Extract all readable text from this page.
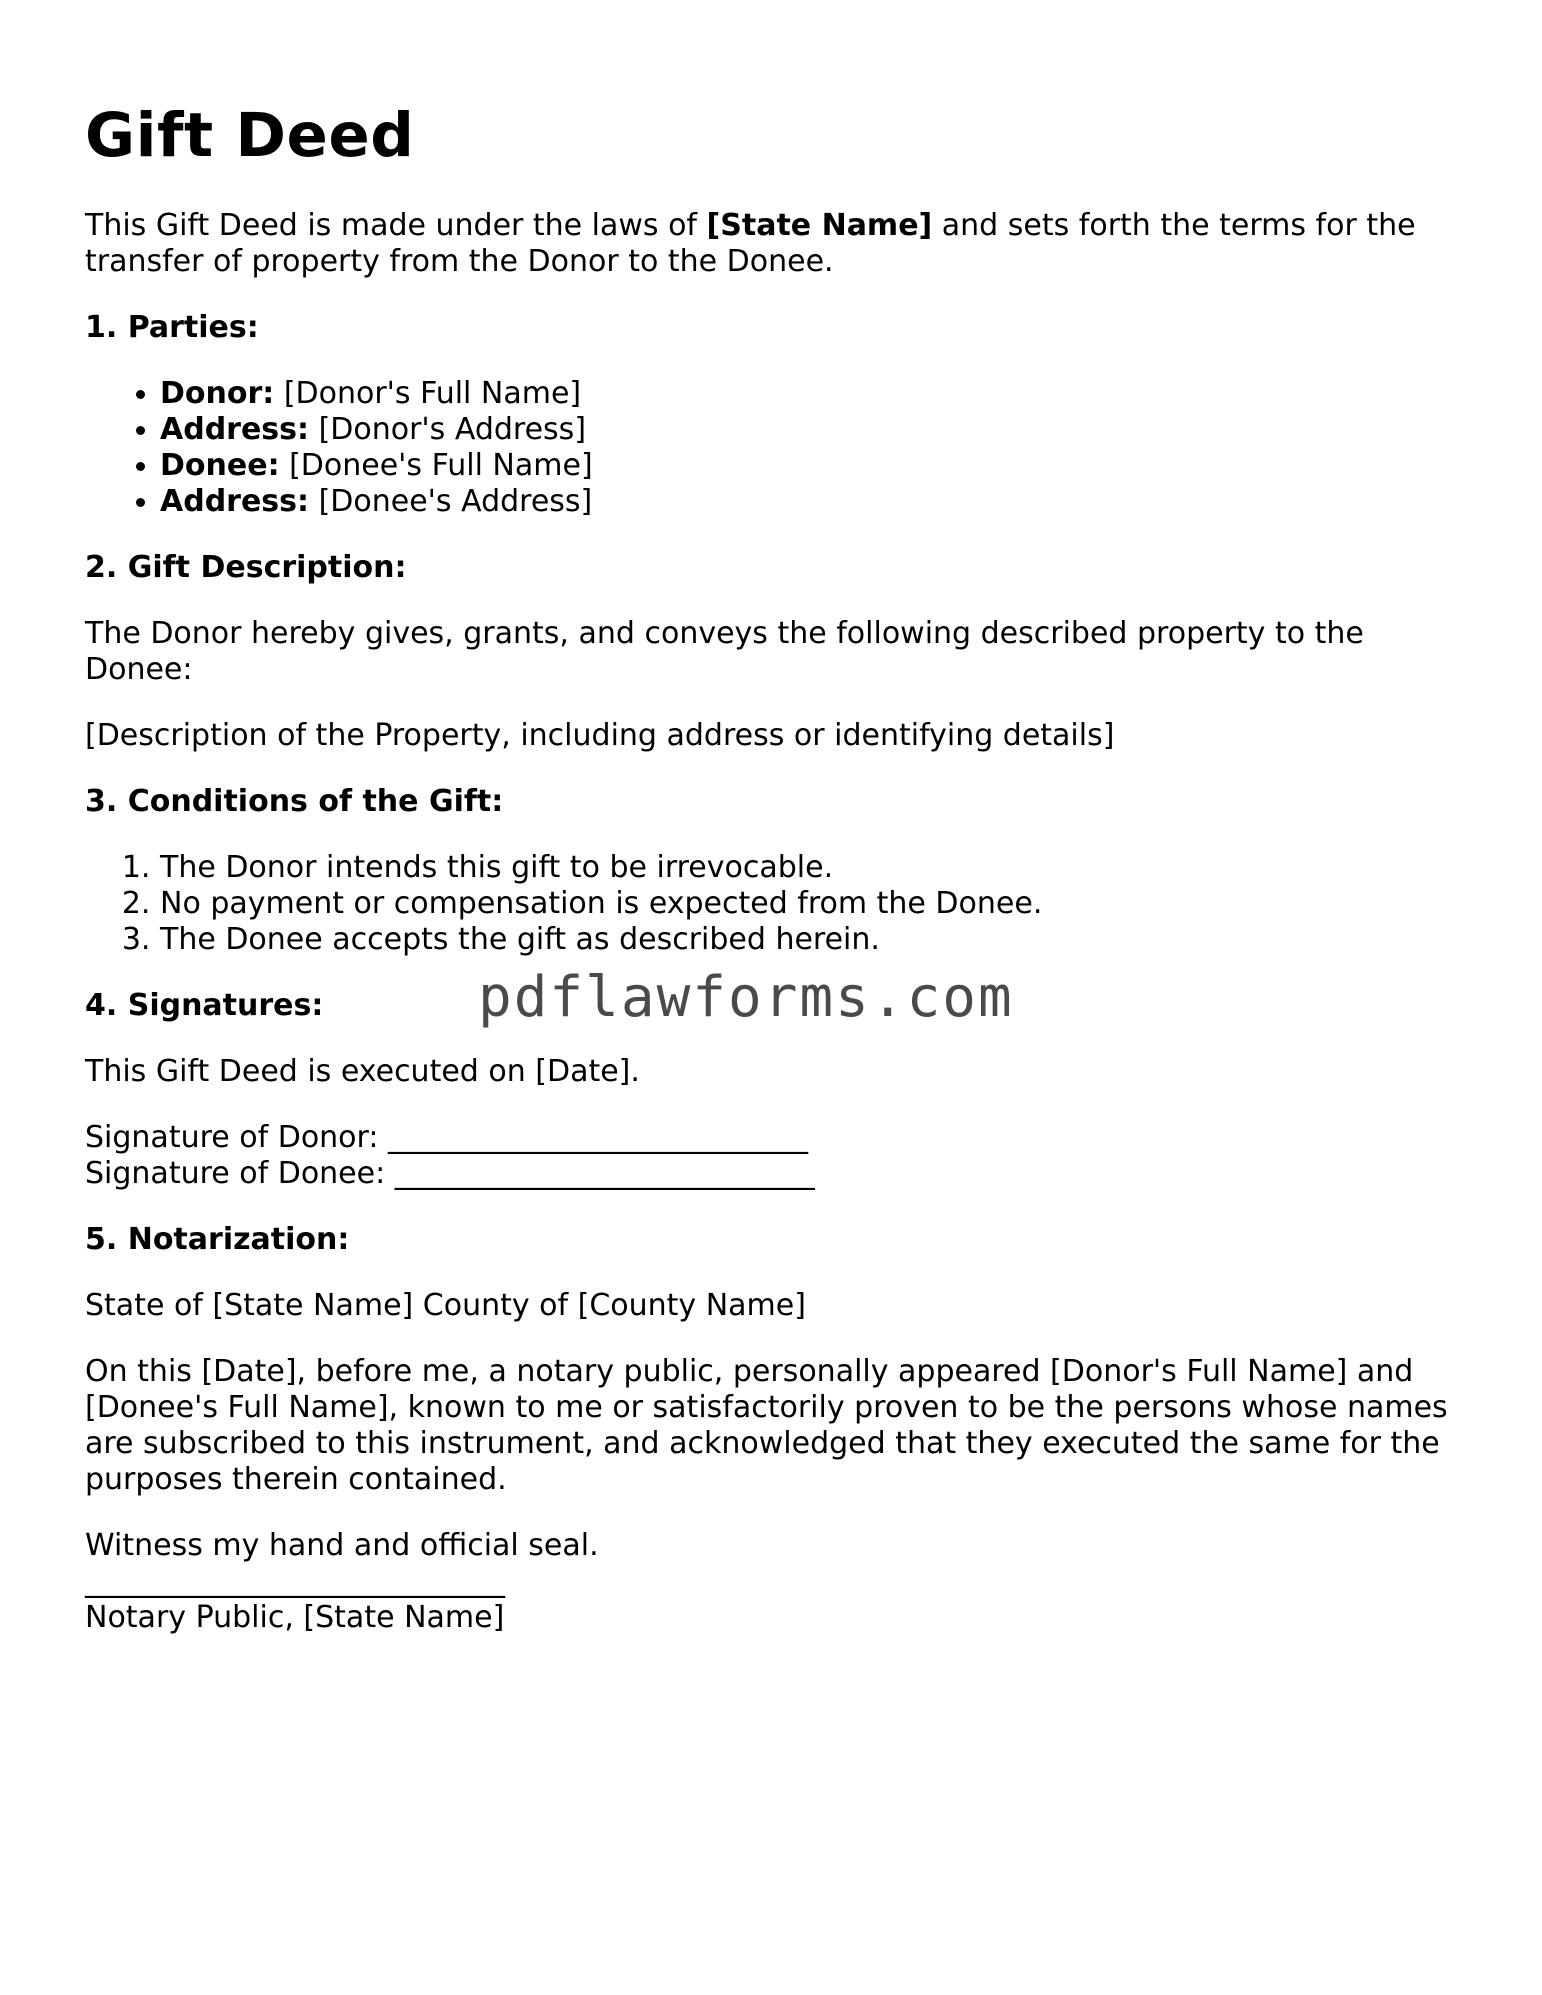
Gift Deed

This Gift Deed is made under the laws of [State Name] and sets forth the terms for the transfer of property from the Donor to the Donee.

1. Parties:
• Donor: [Donor's Full Name]
• Address: [Donor's Address]
• Donee: [Donee's Full Name]
• Address: [Donee's Address]
2. Gift Description:

The Donor hereby gives, grants, and conveys the following described property to the Donee:

[Description of the Property, including address or identifying details]

3. Conditions of the Gift:
1. The Donor intends this gift to be irrevocable.
2. No payment or compensation is expected from the Donee.
3. The Donee accepts the gift as described herein.
4. Signatures:

This Gift Deed is executed on [Date].

Signature of Donor: ____________________________

Signature of Donee: ____________________________

5. Notarization:

State of [State Name] County of [County Name]

On this [Date], before me, a notary public, personally appeared [Donor's Full Name] and [Donee's Full Name], known to me or satisfactorily proven to be the persons whose names are subscribed to this instrument, and acknowledged that they executed the same for the purposes therein contained.

Witness my hand and official seal.

____________________________

Notary Public, [State Name]

pdflawforms.com
